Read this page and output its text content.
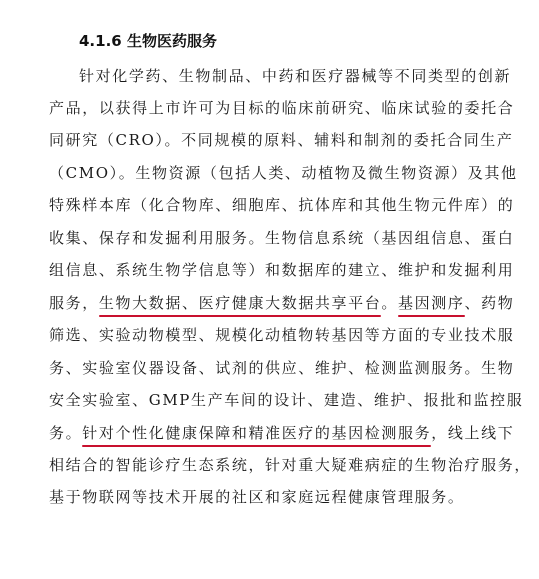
4.1.6 生物医药服务
针对化学药、生物制品、中药和医疗器械等不同类型的创新
产品，以获得上市许可为目标的临床前研究、临床试验的委托合
同研究（CRO）。不同规模的原料、辅料和制剂的委托合同生产
（CMO）。生物资源（包括人类、动植物及微生物资源）及其他
特殊样本库（化合物库、细胞库、抗体库和其他生物元件库）的
收集、保存和发掘利用服务。生物信息系统（基因组信息、蛋白
组信息、系统生物学信息等）和数据库的建立、维护和发掘利用
服务，生物大数据、医疗健康大数据共享平台。基因测序、药物
筛选、实验动物模型、规模化动植物转基因等方面的专业技术服
务、实验室仪器设备、试剂的供应、维护、检测监测服务。生物
安全实验室、GMP生产车间的设计、建造、维护、报批和监控服
务。针对个性化健康保障和精准医疗的基因检测服务，线上线下
相结合的智能诊疗生态系统，针对重大疑难病症的生物治疗服务，
基于物联网等技术开展的社区和家庭远程健康管理服务。
